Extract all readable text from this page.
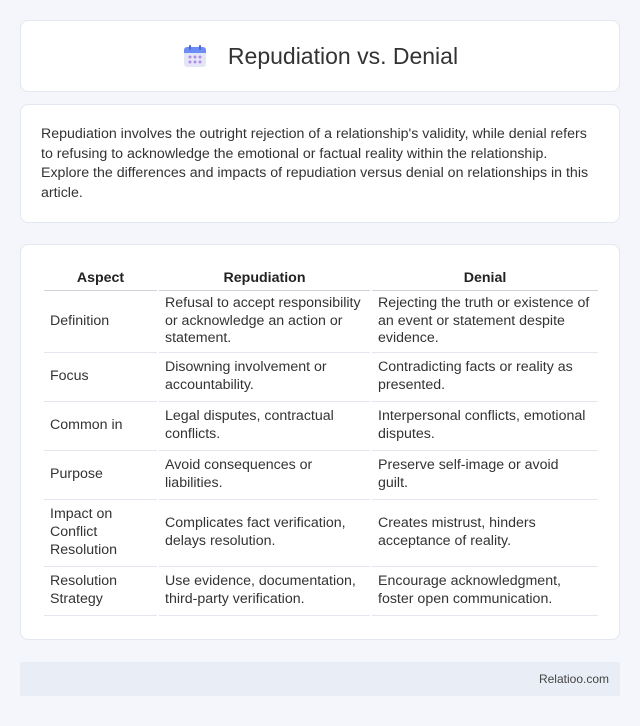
Repudiation vs. Denial

Repudiation involves the outright rejection of a relationship's validity, while denial refers to refusing to acknowledge the emotional or factual reality within the relationship. Explore the differences and impacts of repudiation versus denial on relationships in this article.

Aspect	Repudiation	Denial
Definition	Refusal to accept responsibility or acknowledge an action or statement.	Rejecting the truth or existence of an event or statement despite evidence.
Focus	Disowning involvement or accountability.	Contradicting facts or reality as presented.
Common in	Legal disputes, contractual conflicts.	Interpersonal conflicts, emotional disputes.
Purpose	Avoid consequences or liabilities.	Preserve self-image or avoid guilt.
Impact on Conflict Resolution	Complicates fact verification, delays resolution.	Creates mistrust, hinders acceptance of reality.
Resolution Strategy	Use evidence, documentation, third-party verification.	Encourage acknowledgment, foster open communication.
Relatioo.com
